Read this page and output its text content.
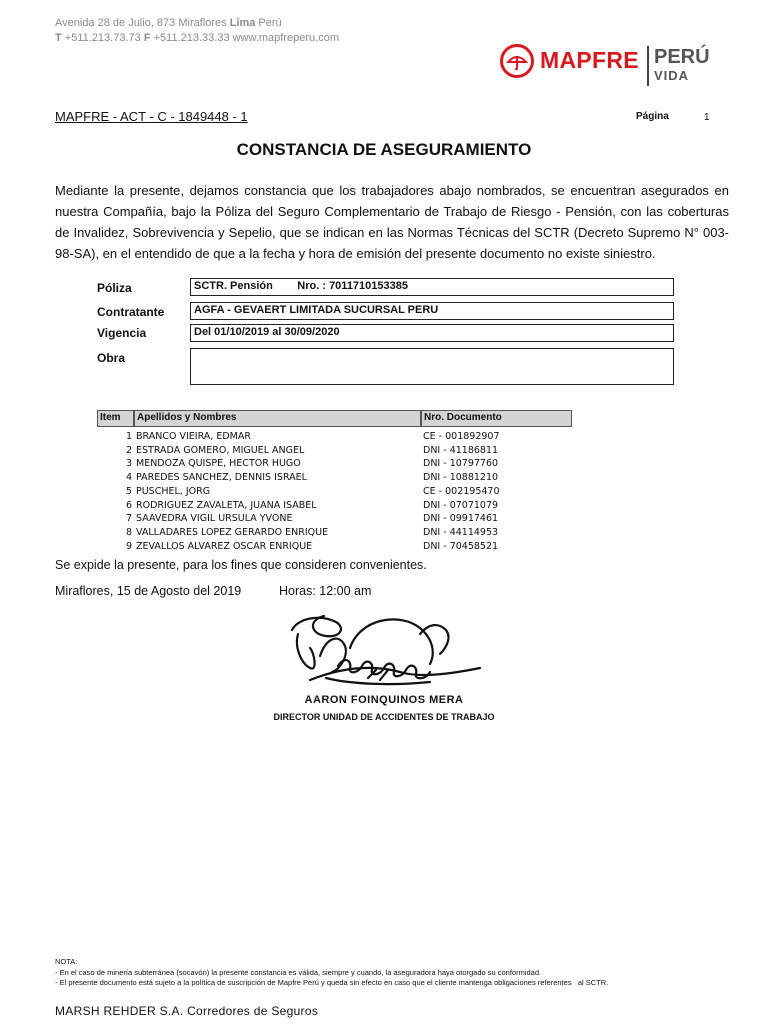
Avenida 28 de Julio, 873 Miraflores Lima Perú
T +511.213.73.73 F +511.213.33.33 www.mapfreperu.com
MAPFRE PERÚ
VIDA
MAPFRE - ACT - C - 1849448 - 1	Página	1
CONSTANCIA DE ASEGURAMIENTO
Mediante la presente, dejamos constancia que los trabajadores abajo nombrados, se encuentran asegurados en nuestra Compañía, bajo la Póliza del Seguro Complementario de Trabajo de Riesgo - Pensión, con las coberturas de Invalidez, Sobrevivencia y Sepelio, que se indican en las Normas Técnicas del SCTR (Decreto Supremo N° 003-98-SA), en el entendido de que a la fecha y hora de emisión del presente documento no existe siniestro.
Póliza	SCTR. Pensión        Nro. : 7011710153385
Contratante	AGFA - GEVAERT LIMITADA SUCURSAL PERU
Vigencia	Del 01/10/2019 al 30/09/2020
Obra
Item	Apellidos y Nombres	Nro. Documento
1 BRANCO VIEIRA, EDMAR	CE - 001892907
2 ESTRADA GOMERO, MIGUEL ANGEL	DNI - 41186811
3 MENDOZA QUISPE, HECTOR HUGO	DNI - 10797760
4 PAREDES SANCHEZ, DENNIS ISRAEL	DNI - 10881210
5 PUSCHEL, JORG	CE - 002195470
6 RODRIGUEZ ZAVALETA, JUANA ISABEL	DNI - 07071079
7 SAAVEDRA VIGIL URSULA YVONE	DNI - 09917461
8 VALLADARES LOPEZ GERARDO ENRIQUE	DNI - 44114953
9 ZEVALLOS ALVAREZ OSCAR ENRIQUE	DNI - 70458521
Se expide la presente, para los fines que consideren convenientes.
Miraflores, 15 de Agosto del 2019	Horas: 12:00 am
AARON FOINQUINOS MERA
DIRECTOR UNIDAD DE ACCIDENTES DE TRABAJO
NOTA:
- En el caso de minería subterránea (socavón) la presente constancia es válida, siempre y cuando, la aseguradora haya otorgado su conformidad.
- El presente documento está sujeto a la política de suscripción de Mapfre Perú y queda sin efecto en caso que el cliente mantenga obligaciones referentes   al SCTR.
MARSH REHDER S.A. Corredores de Seguros
